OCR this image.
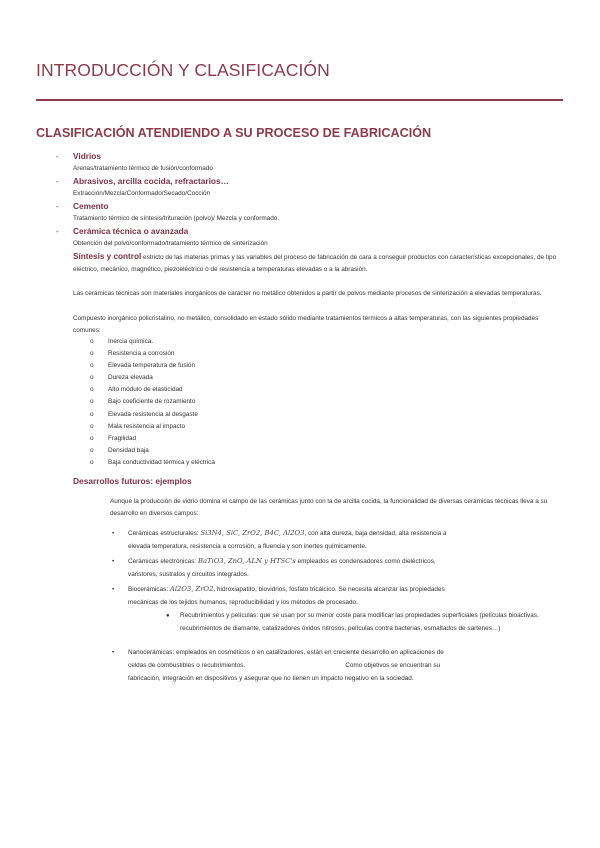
INTRODUCCIÓN Y CLASIFICACIÓN
CLASIFICACIÓN ATENDIENDO A SU PROCESO DE FABRICACIÓN
- Vidrios
Arenas/tratamiento térmico de fusión/conformado
- Abrasivos, arcilla cocida, refractarios…
Extracción/Mezcla/Conformado/Secado/Cocción
- Cemento
Tratamiento térmico de síntesis/trituración (polvo)/ Mezcla y conformado.
- Cerámica técnica o avanzada
Obtención del polvo/conformado/tratamiento térmico de sinterización
Síntesis y control estricto de las materias primas y las variables del proceso de fabricación de cara a conseguir productos con características excepcionales, de tipo eléctrico, mecánico, magnético, piezoeléctrico o de resistencia a temperaturas elevadas o a la abrasión.
Las cerámicas técnicas son materiales inorgánicos de carácter no metálico obtenidos a partir de polvos mediante procesos de sinterización a elevadas temperaturas.
Compuesto inorgánico policristalino, no metálico, consolidado en estado sólido mediante tratamientos térmicos a altas temperaturas, con las siguientes propiedades comunes:
o Inercia química.
o Resistencia a corrosión
o Elevada temperatura de fusión
o Dureza elevada
o Alto módulo de elasticidad
o Bajo coeficiente de rozamiento
o Elevada resistencia al desgaste
o Mala resistencia al impacto
o Fragilidad
o Densidad baja
o Baja conductividad térmica y eléctrica
Desarrollos futuros: ejemplos
Aunque la producción de vidrio domina el campo de las cerámicas junto con la de arcilla cocida, la funcionalidad de diversas cerámicas técnicas lleva a su desarrollo en diversos campos:
• Cerámicas estructurales: Si3N4, SiC, ZrO2, B4C, Al2O3, con alta dureza, baja densidad, alta resistencia a
elevada temperatura, resistencia a corrosión, a fluencia y son inertes químicamente.
• Cerámicas electrónicas: BaTiO3, ZnO, ALN y HTSC's empleados es condensadores como dieléctricos,
varistores, sustratos y circuitos integrados.
• Biocerámicas: Al2O3, ZrO2, hidroxiapatito, biovidrios, fosfato tricálcico. Se necesita alcanzar las propiedades
mecánicas de los tejidos humanos, reproducibilidad y los métodos de procesado.
● Recubrimientos y películas: que se usan por su menor coste para modificar las propiedades superficiales (películas bioactivas, recubrimientos de diamante, catalizadores óxidos nitrosos, películas contra bacterias, esmaltados de sartenes…)
• Nanocerámicas: empleados en cosméticos o en catalizadores, están en creciente desarrollo en aplicaciones de
celdas de combustibles o recubrimientos.	Como objetivos se encuentran su
fabricación, integración en dispositivos y asegurar que no tienen un impacto negativo en la sociedad.
